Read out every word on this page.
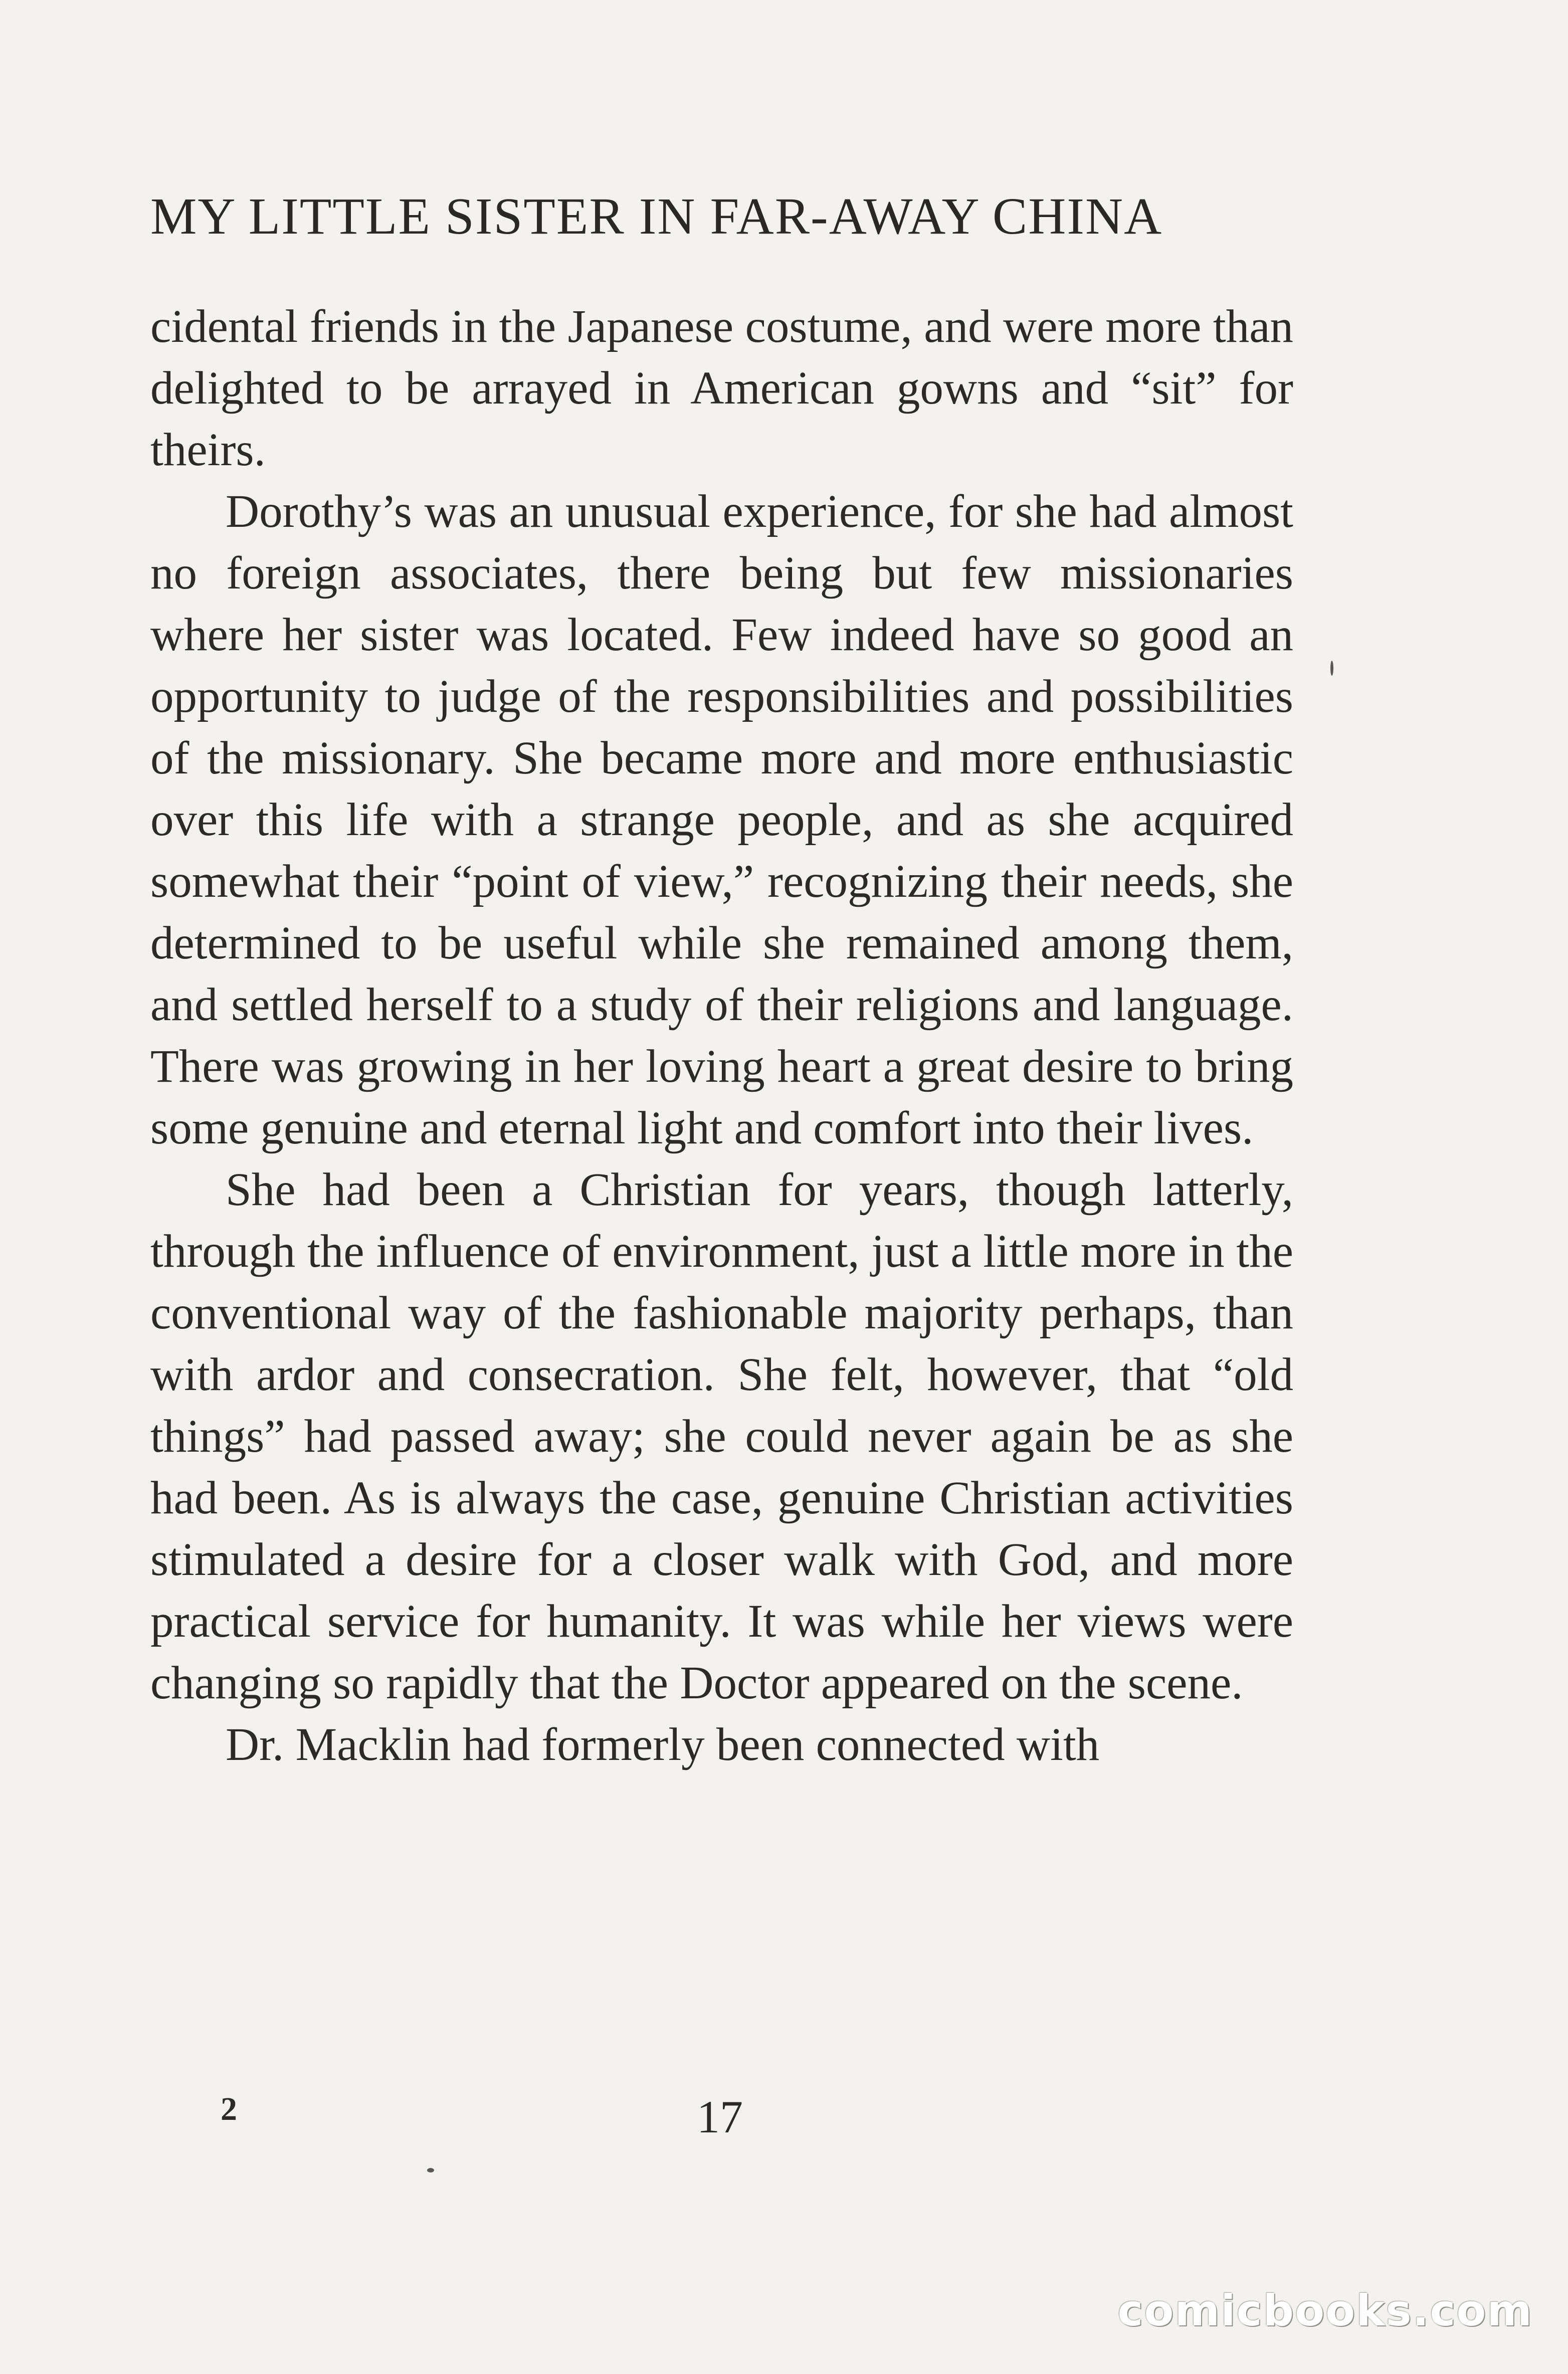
MY LITTLE SISTER IN FAR-AWAY CHINA

cidental friends in the Japanese costume, and were more than delighted to be arrayed in American gowns and “sit” for theirs.

Dorothy’s was an unusual experience, for she had almost no foreign associates, there being but few missionaries where her sister was located. Few indeed have so good an opportunity to judge of the responsibilities and possibilities of the missionary. She became more and more enthusiastic over this life with a strange people, and as she acquired somewhat their “point of view,” recognizing their needs, she determined to be useful while she remained among them, and settled herself to a study of their religions and language. There was growing in her loving heart a great desire to bring some genuine and eternal light and comfort into their lives.

She had been a Christian for years, though latterly, through the influence of environment, just a little more in the conventional way of the fashionable majority perhaps, than with ardor and consecration. She felt, however, that “old things” had passed away; she could never again be as she had been. As is always the case, genuine Christian activities stimulated a desire for a closer walk with God, and more practical service for humanity. It was while her views were changing so rapidly that the Doctor appeared on the scene.

Dr. Macklin had formerly been connected with

2	17
comicbooks.com
